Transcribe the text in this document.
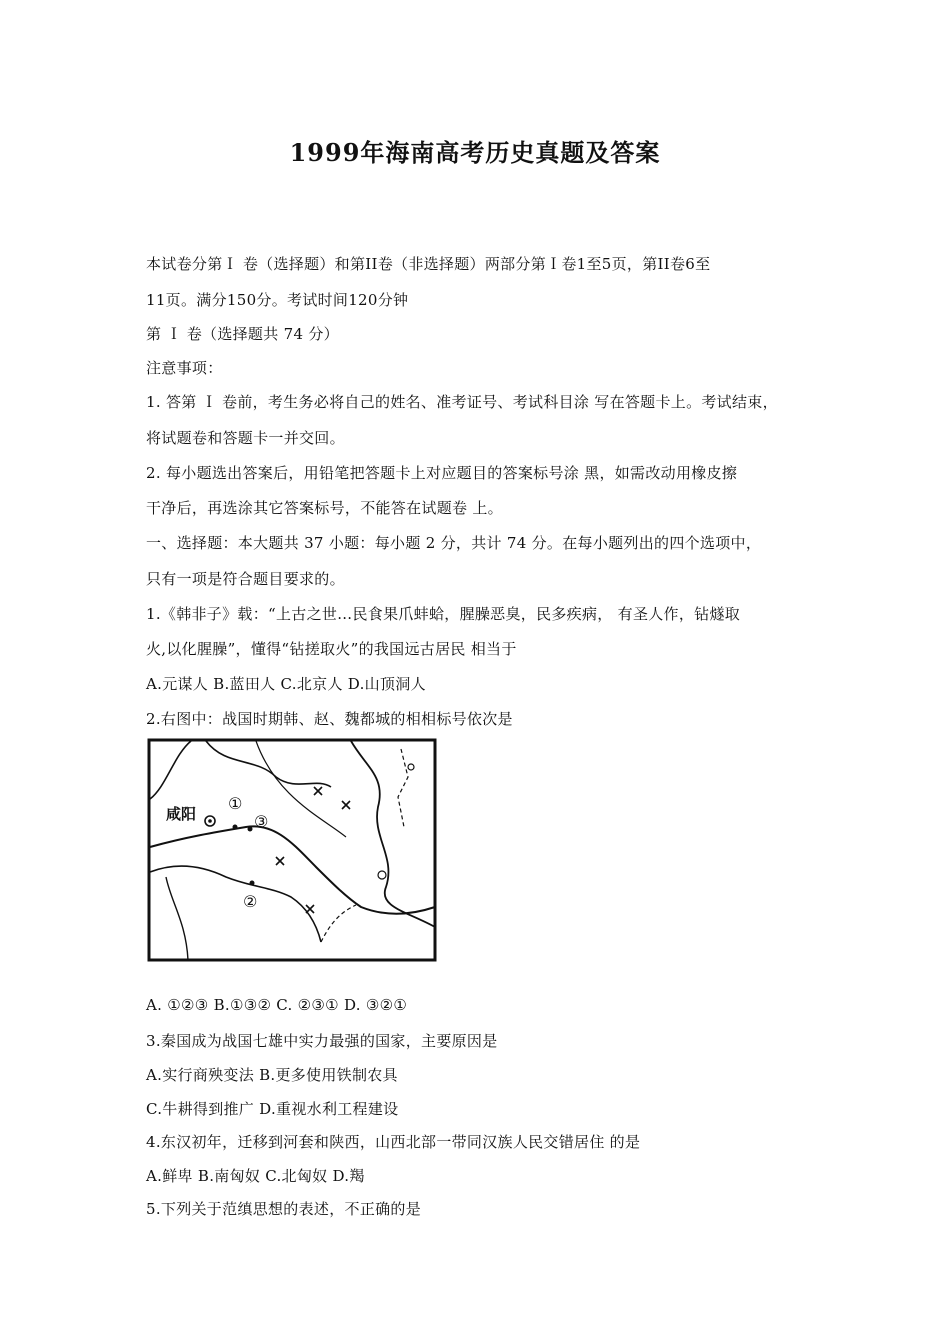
1999年海南高考历史真题及答案
本试卷分第Ｉ 卷（选择题）和第II卷（非选择题）两部分第Ｉ卷1至5页，第II卷6至
11页。满分150分。考试时间120分钟
第 Ｉ 卷（选择题共 74 分）
注意事项：
1. 答第 Ｉ 卷前，考生务必将自己的姓名、准考证号、考试科目涂 写在答题卡上。考试结束，
将试题卷和答题卡一并交回。
2. 每小题选出答案后，用铅笔把答题卡上对应题目的答案标号涂 黑，如需改动用橡皮擦
干净后，再选涂其它答案标号，不能答在试题卷 上。
一、选择题：本大题共 37 小题：每小题 2 分，共计 74 分。在每小题列出的四个选项中，
只有一项是符合题目要求的。
1.《韩非子》载：“上古之世…民食果爪蚌蛤，腥臊恶臭，民多疾病， 有圣人作，钻燧取
火,以化腥臊”，懂得“钻搓取火”的我国远古居民 相当于
A.元谋人 B.蓝田人 C.北京人 D.山顶洞人
2.右图中：战国时期韩、赵、魏都城的相相标号依次是
咸阳
①
③
②
A. ①②③ B.①③② C. ②③① D. ③②①
3.秦国成为战国七雄中实力最强的国家，主要原因是
A.实行商殃变法 B.更多使用铁制农具
C.牛耕得到推广 D.重视水利工程建设
4.东汉初年，迁移到河套和陕西，山西北部一带同汉族人民交错居住 的是
A.鲜卑 B.南匈奴 C.北匈奴 D.羯
5.下列关于范缜思想的表述，不正确的是
